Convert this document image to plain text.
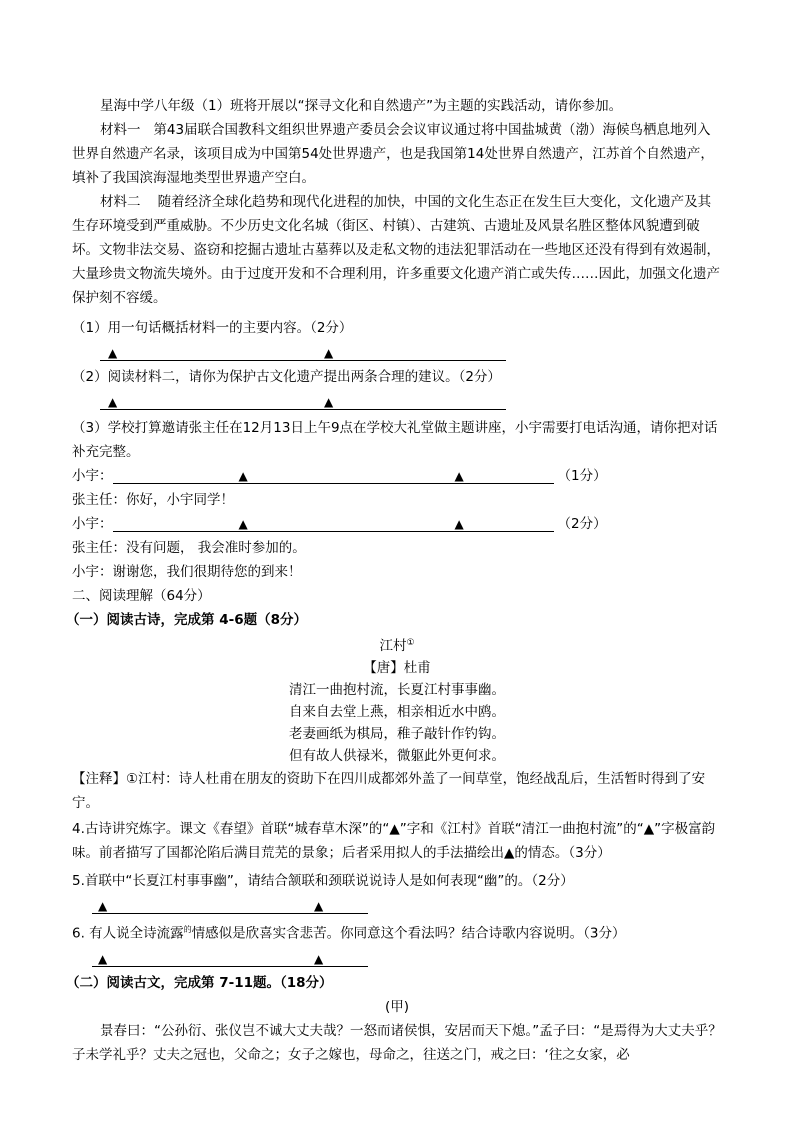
星海中学八年级（1）班将开展以“探寻文化和自然遗产”为主题的实践活动，请你参加。

材料一 第43届联合国教科文组织世界遗产委员会会议审议通过将中国盐城黄（渤）海候鸟栖息地列入世界自然遗产名录，该项目成为中国第54处世界遗产，也是我国第14处世界自然遗产，江苏首个自然遗产，填补了我国滨海湿地类型世界遗产空白。

材料二 随着经济全球化趋势和现代化进程的加快，中国的文化生态正在发生巨大变化，文化遗产及其生存环境受到严重威胁。不少历史文化名城（街区、村镇）、古建筑、古遗址及风景名胜区整体风貌遭到破坏。文物非法交易、盗窃和挖掘古遗址古墓葬以及走私文物的违法犯罪活动在一些地区还没有得到有效遏制，大量珍贵文物流失境外。由于过度开发和不合理利用，许多重要文化遗产消亡或失传……因此，加强文化遗产保护刻不容缓。

（1）用一句话概括材料一的主要内容。（2分）

▲	▲

（2）阅读材料二，请你为保护古文化遗产提出两条合理的建议。（2分）

▲	▲

（3）学校打算邀请张主任在12月13日上午9点在学校大礼堂做主题讲座，小宇需要打电话沟通，请你把对话补充完整。

小宇：	▲	▲	（1分）

张主任：你好，小宇同学！

小宇：	▲	▲	（2分）

张主任：没有问题， 我会准时参加的。

小宇：谢谢您，我们很期待您的到来！

二、阅读理解（64分）

（一）阅读古诗，完成第 4-6题（8分）

江村①

【唐】杜甫

清江一曲抱村流，长夏江村事事幽。

自来自去堂上燕，相亲相近水中鸥。

老妻画纸为棋局，稚子敲针作钓钩。

但有故人供禄米，微躯此外更何求。

【注释】①江村：诗人杜甫在朋友的资助下在四川成都郊外盖了一间草堂，饱经战乱后，生活暂时得到了安宁。

4.古诗讲究炼字。课文《春望》首联“城春草木深”的“▲”字和《江村》首联“清江一曲抱村流”的“▲”字极富韵味。前者描写了国都沦陷后满目荒芜的景象；后者采用拟人的手法描绘出▲的情态。（3分）

5.首联中“长夏江村事事幽”，请结合颔联和颈联说说诗人是如何表现“幽”的。（2分）

▲	▲

6. 有人说全诗流露$^的$情感似是欣喜实含悲苦。你同意这个看法吗？结合诗歌内容说明。（3分）

▲	▲

（二）阅读古文，完成第 7-11题。（18分）

(甲)

景春曰：“公孙衍、张仪岂不诚大丈夫哉？一怒而诸侯惧，安居而天下熄。”孟子曰：“是焉得为大丈夫乎？子未学礼乎？丈夫之冠也，父命之；女子之嫁也，母命之，往送之门，戒之曰：‘往之女家，必
